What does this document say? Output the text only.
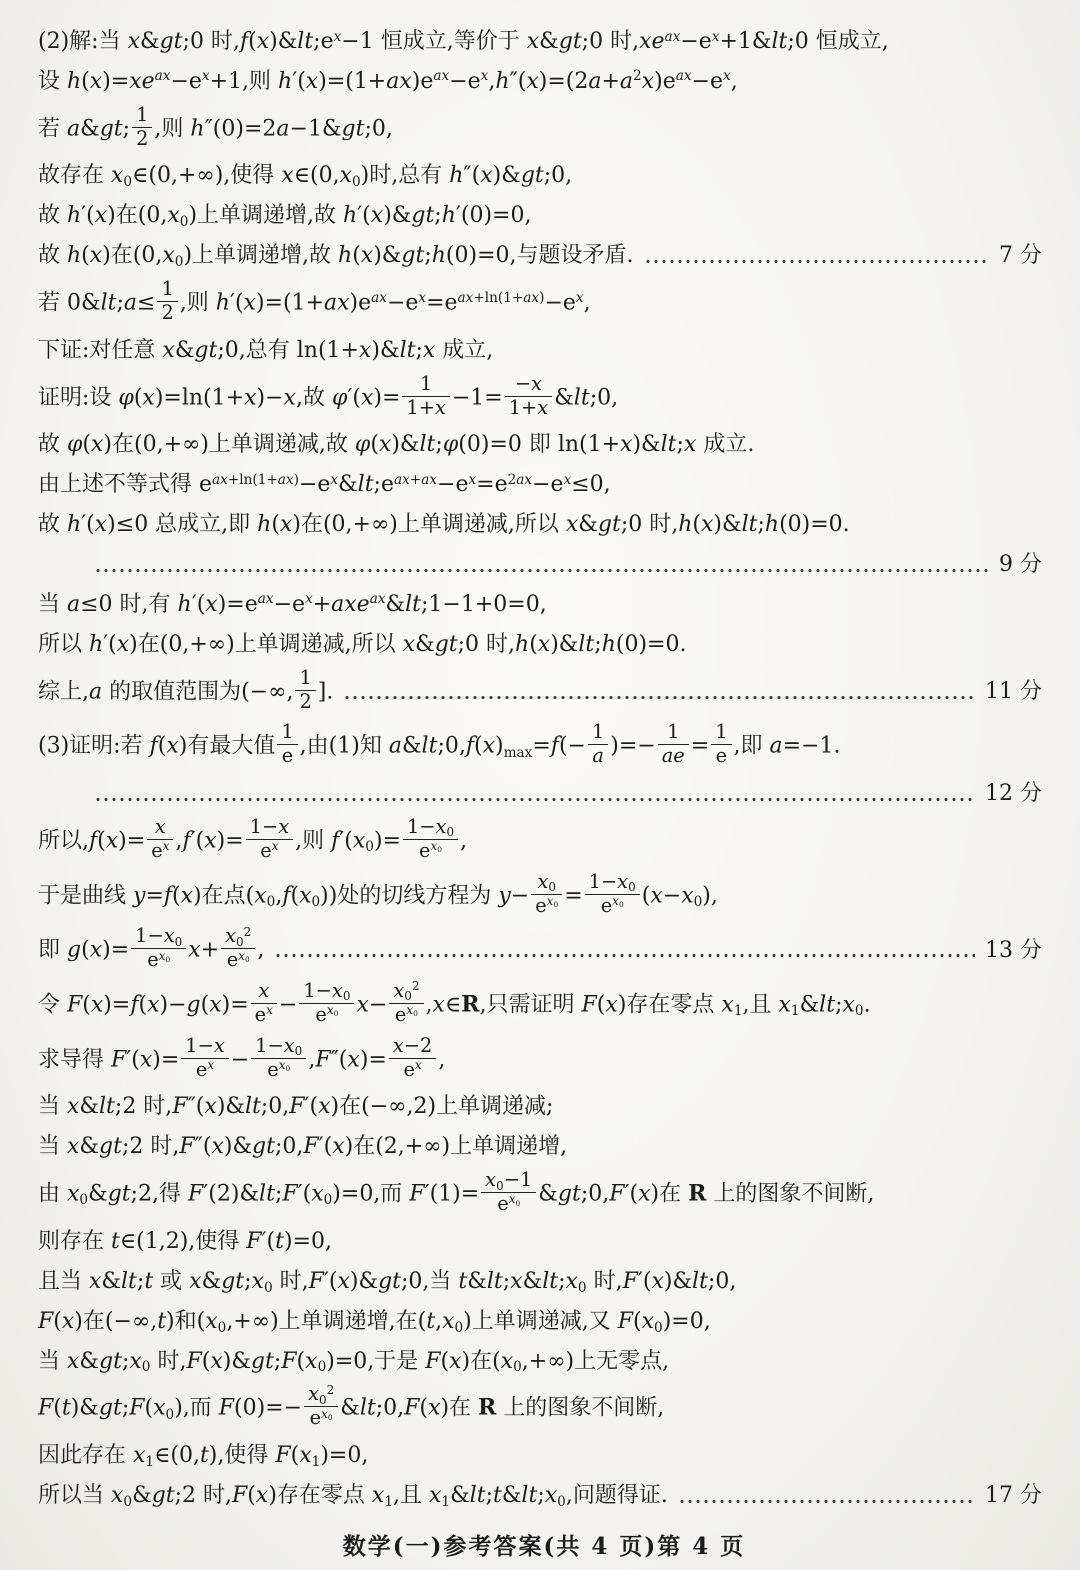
(2)解:当 x&gt;0 时$,f(x)\&lt;e^x-1$ 恒成立,等价于 x&gt;0 时$,xe^{ax}-e^x+1\&lt;0$ 恒成立,
设 $h(x)=xe^{ax}-e^x+1$,则 $h'(x)=(1+ax)e^{ax}-e^x,h''(x)=(2a+a^2x)e^{ax}-e^x$,
若 a&gt; $\frac{1}{2}$ ,则 h″(0)=2a−1&gt;0,
故存在 x0∈(0,+∞),使得 x∈(0,x0)时,总有 h″(x)&gt;0,
故 h′(x)在(0,x0)上单调递增,故 h′(x)&gt;h′(0)=0,
故 h(x)在(0,x0)上单调递增,故 h(x)&gt;h(0)=0,与题设矛盾.	7 分
若 0&lt;a≤ $\frac{1}{2}$ ,则 $h'(x)=(1+ax)e^{ax}-e^x=e^{ax+ln(1+ax)}-e^x$,
下证:对任意 x&gt;0,总有 ln(1+x)&lt;x 成立,
证明:设 φ(x)=ln(1+x)−x,故 $\varphi'(x)= \frac{1}{1+x} -1= \frac{-x}{1+x}$ &lt;0,
故 φ(x)在(0,+∞)上单调递减,故 φ(x)&lt;φ(0)=0 即 ln(1+x)&lt;x 成立.
由上述不等式得 $e^{ax+ln(1+ax)}-e^x\&lt;e^{ax+ax}-e^x=e^{2ax}-e^x\le 0$,
故 h′(x)≤0 总成立,即 h(x)在(0,+∞)上单调递减,所以 x&gt;0 时,h(x)&lt;h(0)=0.
9 分
当 a≤0 时,有 $h'(x)=e^{ax}-e^x+axe^{ax}\&lt;1-1+0=0$,
所以 h′(x)在(0,+∞)上单调递减,所以 x&gt;0 时,h(x)&lt;h(0)=0.
综上,a 的取值范围为(−∞, $\frac{1}{2}$ ].	11 分
(3)证明:若 f(x)有最大值 $\frac{1}{e}$ ,由(1)知 a&lt;0,f(x)max=f(− $\frac{1}{a}$ )=− $\frac{1}{ae} = \frac{1}{e}$ ,即 a=−1.
12 分
所以$,f(x)= \frac{x}{e^x} ,f'(x)= \frac{1-x}{e^x}$ ,则 $f'(x0)= \frac{1-x0}{e^{x0}}$ ,
于是曲线 y=f(x)在点(x0,f(x0))处的切线方程为 $y- \frac{x0}{e^{x0}} = \frac{1-x0}{e^{x0}} (x-x0)$,
即 $g(x)= \frac{1-x0}{e^{x0}} x+ \frac{x0^2}{e^{x0}}$ ,	13 分
令 $F(x)=f(x)-g(x)= \frac{x}{e^x} - \frac{1-x0}{e^{x0}} x- \frac{x0^2}{e^{x0}}$ ,x∈R,只需证明 F(x)存在零点 x1,且 x1&lt;x0.
求导得 $F'(x)= \frac{1-x}{e^x} - \frac{1-x0}{e^{x0}} ,F''(x)= \frac{x-2}{e^x}$ ,
当 x&lt;2 时,F″(x)&lt;0,F′(x)在(−∞,2)上单调递减;
当 x&gt;2 时,F″(x)&gt;0,F′(x)在(2,+∞)上单调递增,
由 x0&gt;2,得 F′(2)&lt;F′(x0)=0,而 $F'(1)= \frac{x0-1}{e^{x0}}$ &gt;0,F′(x)在 R 上的图象不间断,
则存在 t∈(1,2),使得 F′(t)=0,
且当 x&lt;t 或 x&gt;x0 时,F′(x)&gt;0,当 t&lt;x&lt;x0 时,F′(x)&lt;0,
F(x)在(−∞,t)和(x0,+∞)上单调递增,在(t,x0)上单调递减,又 F(x0)=0,
当 x&gt;x0 时,F(x)&gt;F(x0)=0,于是 F(x)在(x0,+∞)上无零点,
F(t)&gt;F(x0),而 $F(0)=- \frac{x0^2}{e^{x0}}$ &lt;0,F(x)在 R 上的图象不间断,
因此存在 x1∈(0,t),使得 F(x1)=0,
所以当 x0&gt;2 时,F(x)存在零点 x1,且 x1&lt;t&lt;x0,问题得证.	17 分
数学(一)参考答案(共 4 页)第 4 页
